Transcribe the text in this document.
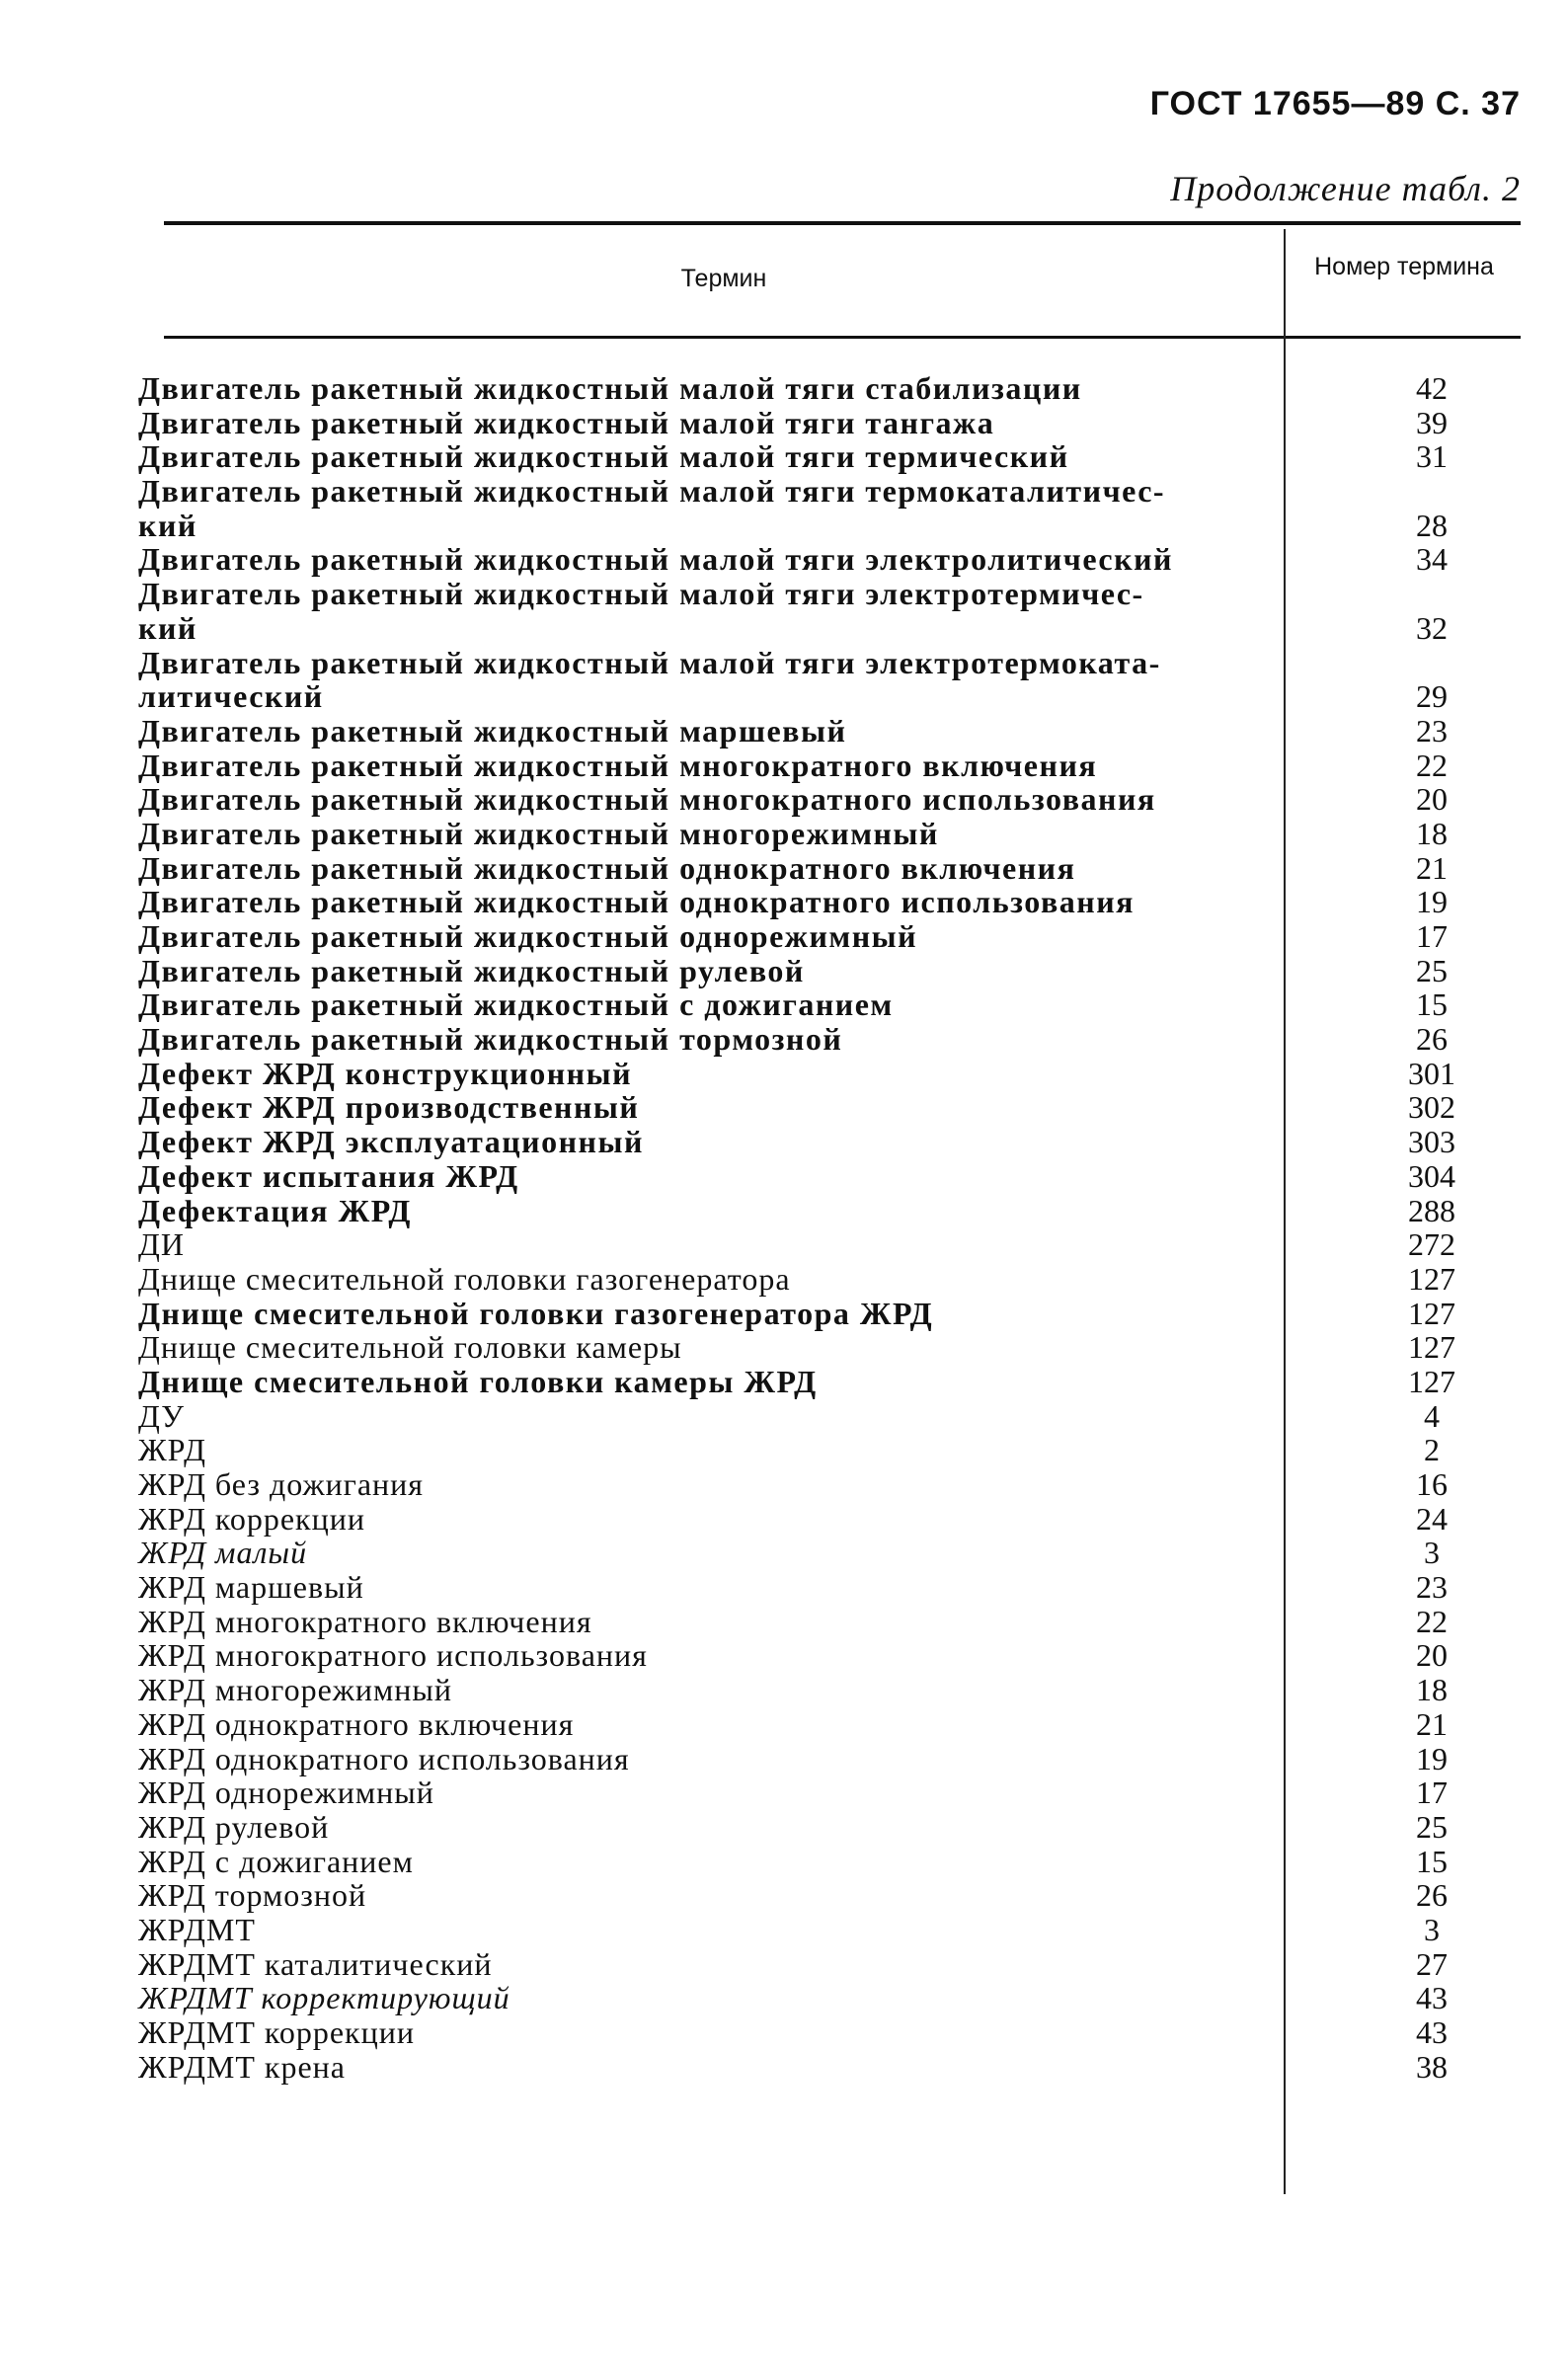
ГОСТ 17655—89 С. 37
Продолжение табл. 2
Термин	Номер термина
Двигатель ракетный жидкостный малой тяги стабилизации	42
Двигатель ракетный жидкостный малой тяги тангажа	39
Двигатель ракетный жидкостный малой тяги термический	31
Двигатель ракетный жидкостный малой тяги термокаталитичес-
кий	28
Двигатель ракетный жидкостный малой тяги электролитический	34
Двигатель ракетный жидкостный малой тяги электротермичес-
кий	32
Двигатель ракетный жидкостный малой тяги электротермоката-
литический	29
Двигатель ракетный жидкостный маршевый	23
Двигатель ракетный жидкостный многократного включения	22
Двигатель ракетный жидкостный многократного использования	20
Двигатель ракетный жидкостный многорежимный	18
Двигатель ракетный жидкостный однократного включения	21
Двигатель ракетный жидкостный однократного использования	19
Двигатель ракетный жидкостный однорежимный	17
Двигатель ракетный жидкостный рулевой	25
Двигатель ракетный жидкостный с дожиганием	15
Двигатель ракетный жидкостный тормозной	26
Дефект ЖРД конструкционный	301
Дефект ЖРД производственный	302
Дефект ЖРД эксплуатационный	303
Дефект испытания ЖРД	304
Дефектация ЖРД	288
ДИ	272
Днище смесительной головки газогенератора	127
Днище смесительной головки газогенератора ЖРД	127
Днище смесительной головки камеры	127
Днище смесительной головки камеры ЖРД	127
ДУ	4
ЖРД	2
ЖРД без дожигания	16
ЖРД коррекции	24
ЖРД малый	3
ЖРД маршевый	23
ЖРД многократного включения	22
ЖРД многократного использования	20
ЖРД многорежимный	18
ЖРД однократного включения	21
ЖРД однократного использования	19
ЖРД однорежимный	17
ЖРД рулевой	25
ЖРД с дожиганием	15
ЖРД тормозной	26
ЖРДМТ	3
ЖРДМТ каталитический	27
ЖРДМТ корректирующий	43
ЖРДМТ коррекции	43
ЖРДМТ крена	38
